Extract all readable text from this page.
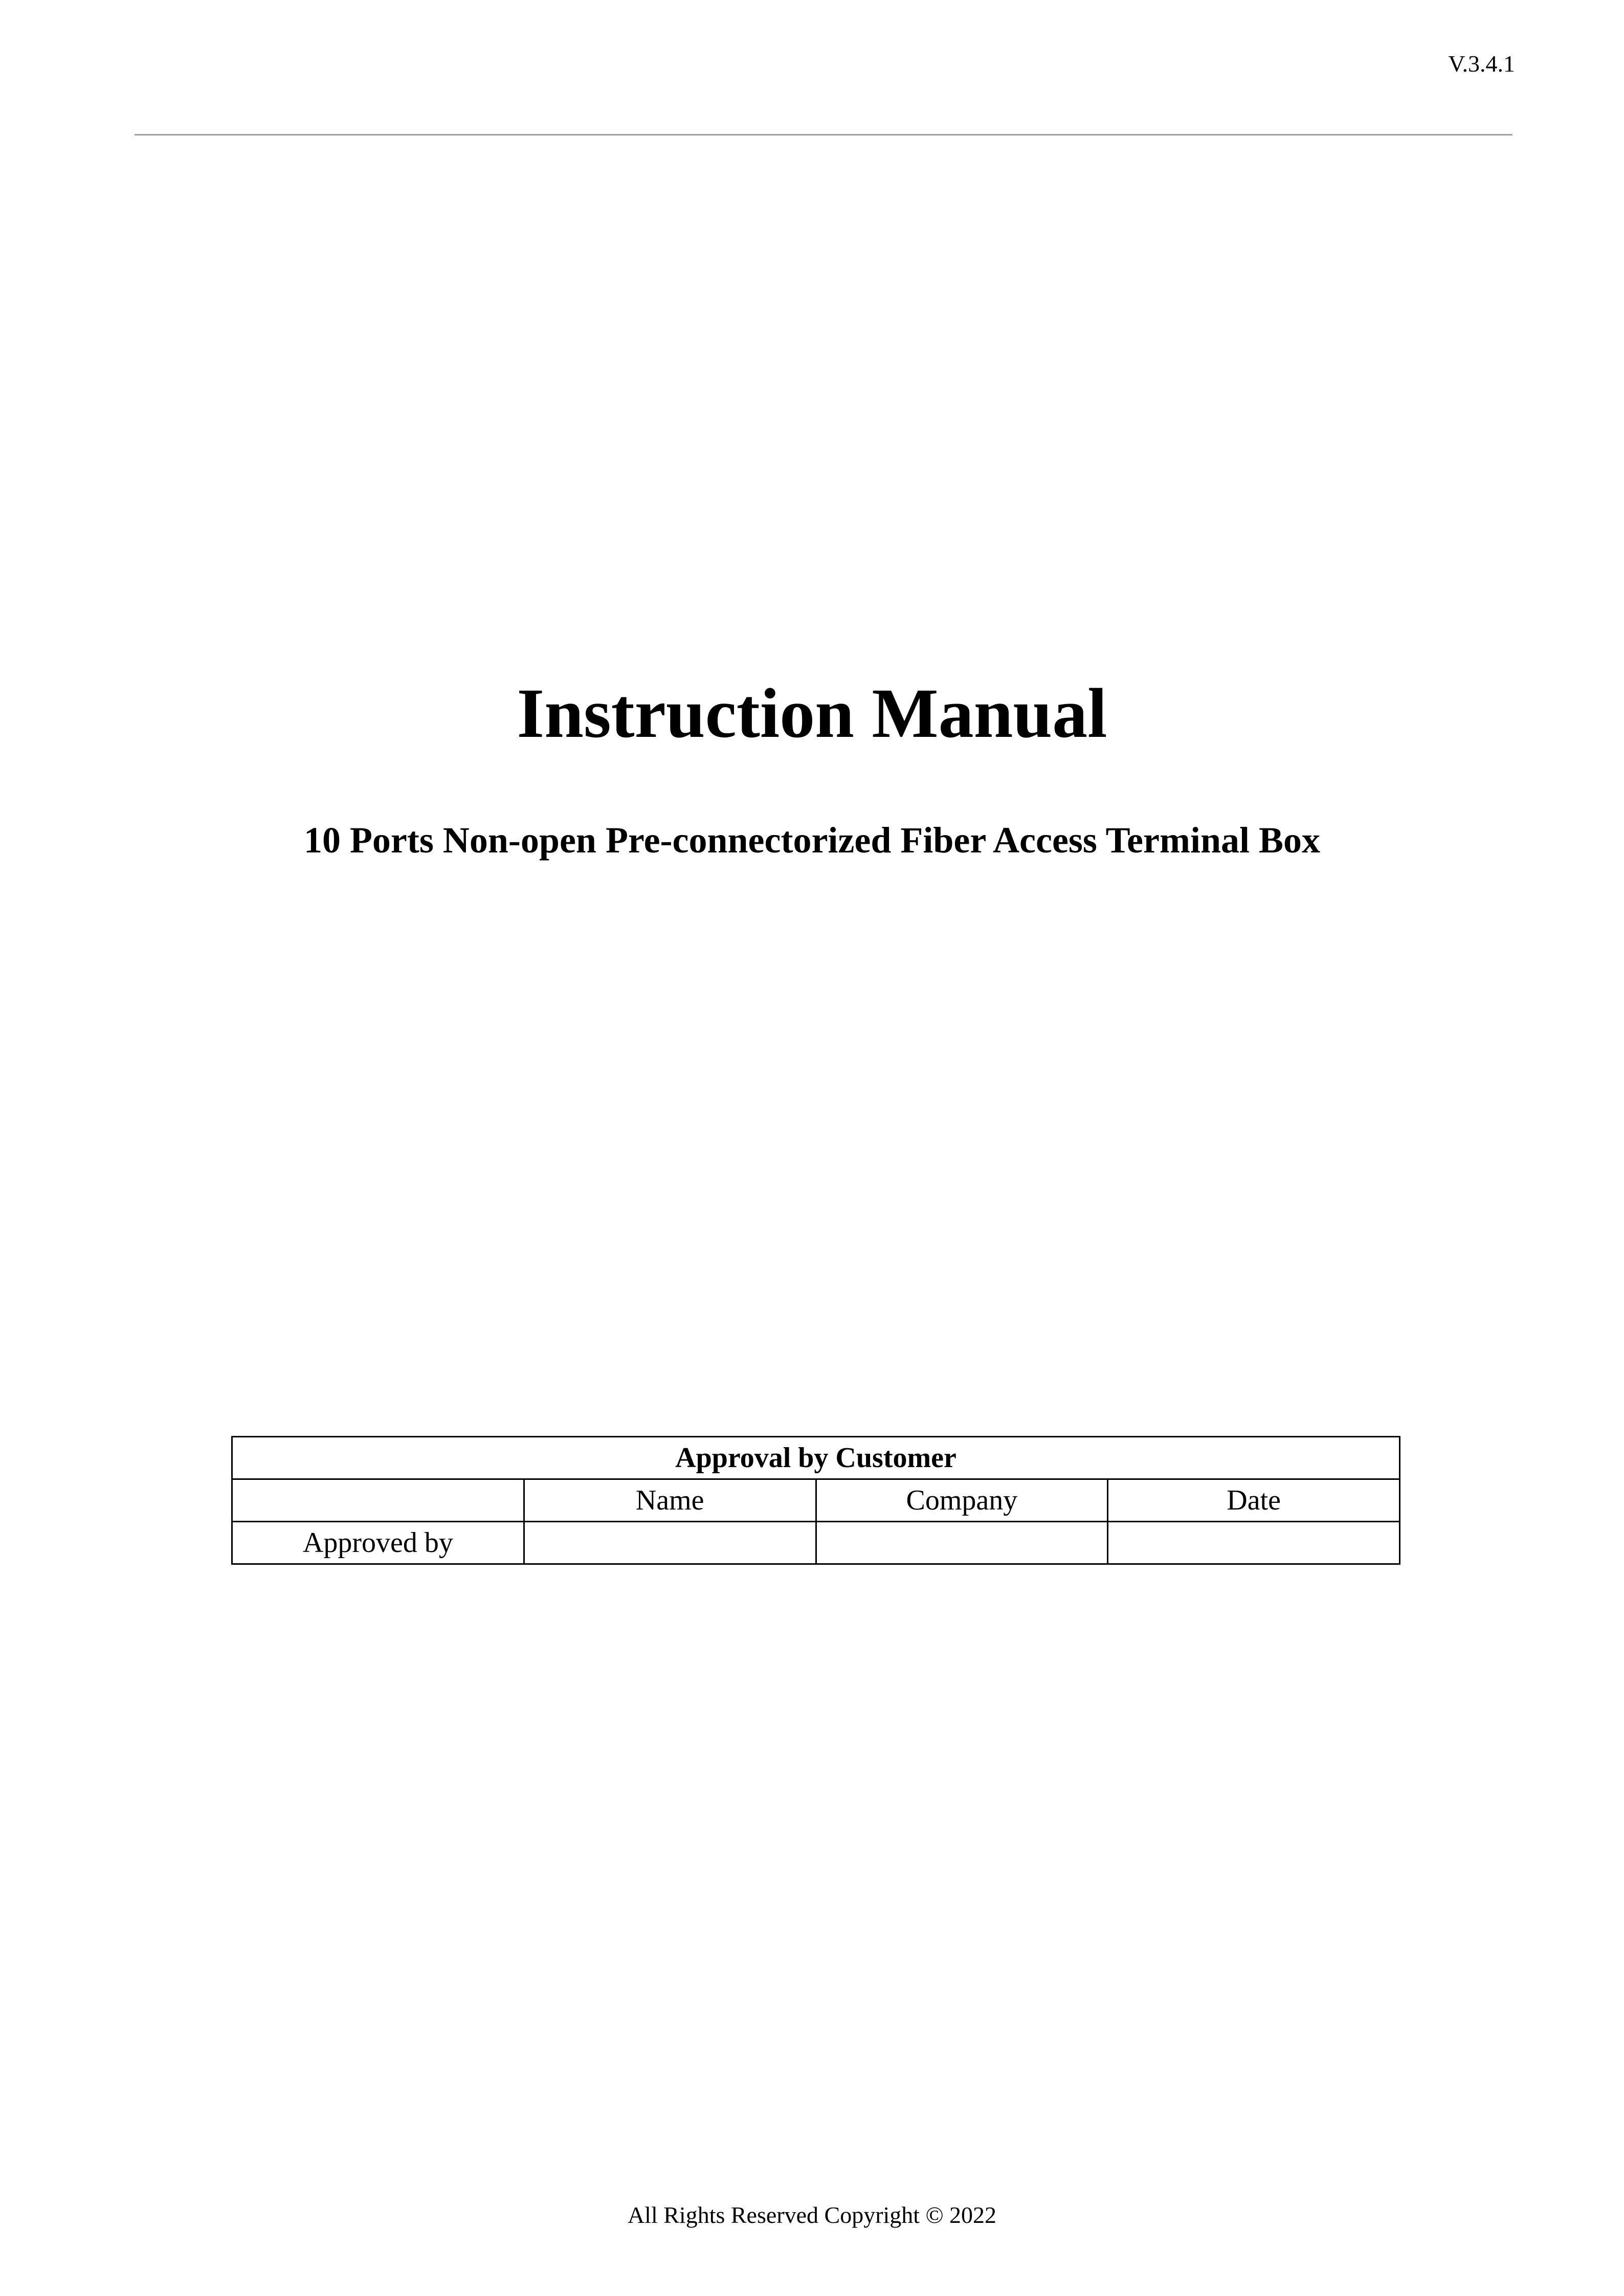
V.3.4.1
Instruction Manual
10 Ports Non-open Pre-connectorized Fiber Access Terminal Box
Approval by Customer			
	Name	Company	Date
Approved by			
All Rights Reserved Copyright © 2022
